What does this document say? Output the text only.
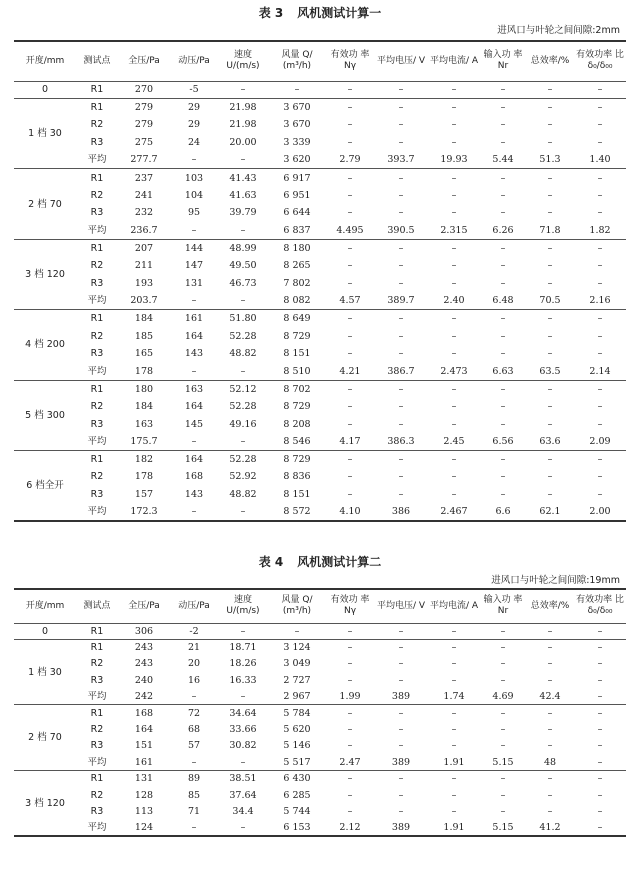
表 3 风机测试计算一
进风口与叶轮之间间隙:2mm
开度/mm	测试点	全压/Pa	动压/Pa	速度 U/(m/s)	风量 Q/ (m³/h)	有效功 率 Nγ	平均电压/ V	平均电流/ A	输入功 率 Nr	总效率/%	有效功率 比δ₀/δ₀₀
0	R1	270	-5	–	–	–	–	–	–	–	–
1 档 30	R1	279	29	21.98	3 670	–	–	–	–	–	–
	R2	279	29	21.98	3 670	–	–	–	–	–	–
	R3	275	24	20.00	3 339	–	–	–	–	–	–
	平均	277.7	–	–	3 620	2.79	393.7	19.93	5.44	51.3	1.40
2 档 70	R1	237	103	41.43	6 917	–	–	–	–	–	–
	R2	241	104	41.63	6 951	–	–	–	–	–	–
	R3	232	95	39.79	6 644	–	–	–	–	–	–
	平均	236.7	–	–	6 837	4.495	390.5	2.315	6.26	71.8	1.82
3 档 120	R1	207	144	48.99	8 180	–	–	–	–	–	–
	R2	211	147	49.50	8 265	–	–	–	–	–	–
	R3	193	131	46.73	7 802	–	–	–	–	–	–
	平均	203.7	–	–	8 082	4.57	389.7	2.40	6.48	70.5	2.16
4 档 200	R1	184	161	51.80	8 649	–	–	–	–	–	–
	R2	185	164	52.28	8 729	–	–	–	–	–	–
	R3	165	143	48.82	8 151	–	–	–	–	–	–
	平均	178	–	–	8 510	4.21	386.7	2.473	6.63	63.5	2.14
5 档 300	R1	180	163	52.12	8 702	–	–	–	–	–	–
	R2	184	164	52.28	8 729	–	–	–	–	–	–
	R3	163	145	49.16	8 208	–	–	–	–	–	–
	平均	175.7	–	–	8 546	4.17	386.3	2.45	6.56	63.6	2.09
6 档全开	R1	182	164	52.28	8 729	–	–	–	–	–	–
	R2	178	168	52.92	8 836	–	–	–	–	–	–
	R3	157	143	48.82	8 151	–	–	–	–	–	–
	平均	172.3	–	–	8 572	4.10	386	2.467	6.6	62.1	2.00
表 4 风机测试计算二
进风口与叶轮之间间隙:19mm
开度/mm	测试点	全压/Pa	动压/Pa	速度 U/(m/s)	风量 Q/ (m³/h)	有效功 率 Nγ	平均电压/ V	平均电流/ A	输入功 率 Nr	总效率/%	有效功率 比δ₀/δ₀₀
0	R1	306	-2	–	–	–	–	–	–	–	–
1 档 30	R1	243	21	18.71	3 124	–	–	–	–	–	–
	R2	243	20	18.26	3 049	–	–	–	–	–	–
	R3	240	16	16.33	2 727	–	–	–	–	–	–
	平均	242	–	–	2 967	1.99	389	1.74	4.69	42.4	–
2 档 70	R1	168	72	34.64	5 784	–	–	–	–	–	–
	R2	164	68	33.66	5 620	–	–	–	–	–	–
	R3	151	57	30.82	5 146	–	–	–	–	–	–
	平均	161	–	–	5 517	2.47	389	1.91	5.15	48	–
3 档 120	R1	131	89	38.51	6 430	–	–	–	–	–	–
	R2	128	85	37.64	6 285	–	–	–	–	–	–
	R3	113	71	34.4	5 744	–	–	–	–	–	–
	平均	124	–	–	6 153	2.12	389	1.91	5.15	41.2	–
